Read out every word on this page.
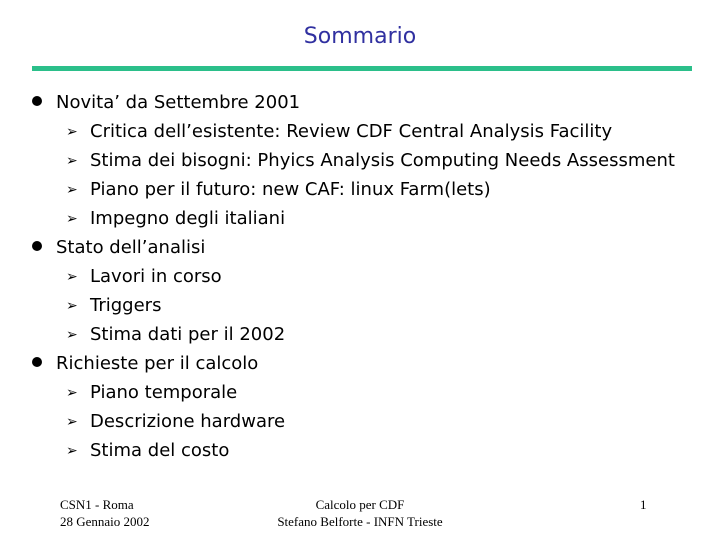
Sommario
Novita’ da Settembre 2001
➢ Critica dell’esistente: Review CDF Central Analysis Facility
➢ Stima dei bisogni: Phyics Analysis Computing Needs Assessment
➢ Piano per il futuro: new CAF: linux Farm(lets)
➢ Impegno degli italiani
Stato dell’analisi
➢ Lavori in corso
➢ Triggers
➢ Stima dati per il 2002
Richieste per il calcolo
➢ Piano temporale
➢ Descrizione hardware
➢ Stima del costo
CSN1 - Roma
28 Gennaio 2002
Calcolo per CDF
Stefano Belforte - INFN Trieste
1
